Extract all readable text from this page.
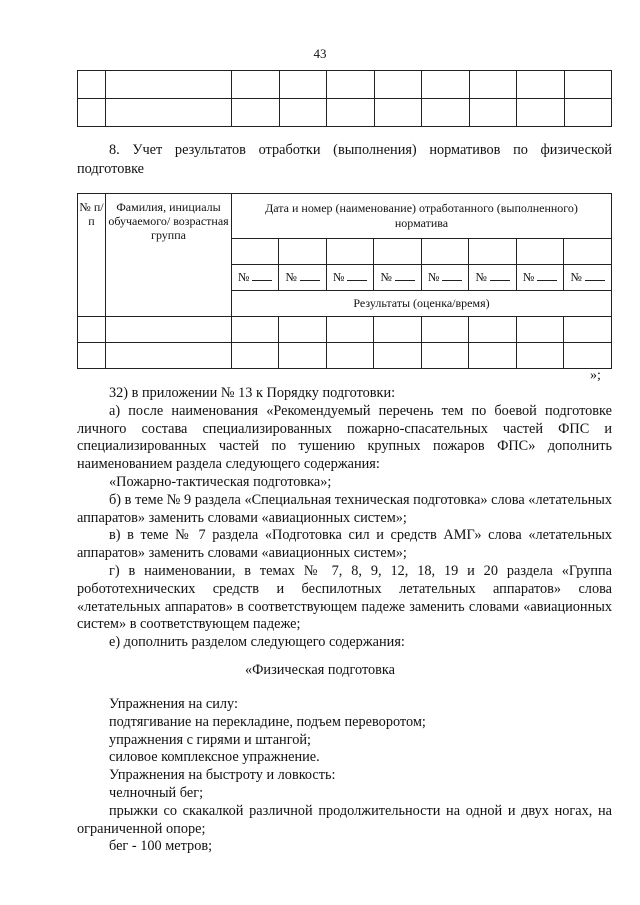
43

8. Учет результатов отработки (выполнения) нормативов по физической подготовке
№ п/п	Фамилия, инициалы обучаемого/ возрастная группа	Дата и номер (наименование) отработанного (выполненного) норматива							

		№	№	№	№	№	№	№	№
		Результаты (оценка/время)							

»;

32) в приложении № 13 к Порядку подготовки:

а) после наименования «Рекомендуемый перечень тем по боевой подготовке личного состава специализированных пожарно-спасательных частей ФПС и специализированных частей по тушению крупных пожаров ФПС» дополнить наименованием раздела следующего содержания:

«Пожарно-тактическая подготовка»;

б) в теме № 9 раздела «Специальная техническая подготовка» слова «летательных аппаратов» заменить словами «авиационных систем»;

в) в теме № 7 раздела «Подготовка сил и средств АМГ» слова «летательных аппаратов» заменить словами «авиационных систем»;

г) в наименовании, в темах № 7, 8, 9, 12, 18, 19 и 20 раздела «Группа робототехнических средств и беспилотных летательных аппаратов» слова «летательных аппаратов» в соответствующем падеже заменить словами «авиационных систем» в соответствующем падеже;

е) дополнить разделом следующего содержания:

«Физическая подготовка

Упражнения на силу:

подтягивание на перекладине, подъем переворотом;

упражнения с гирями и штангой;

силовое комплексное упражнение.

Упражнения на быстроту и ловкость:

челночный бег;

прыжки со скакалкой различной продолжительности на одной и двух ногах, на ограниченной опоре;

бег - 100 метров;
